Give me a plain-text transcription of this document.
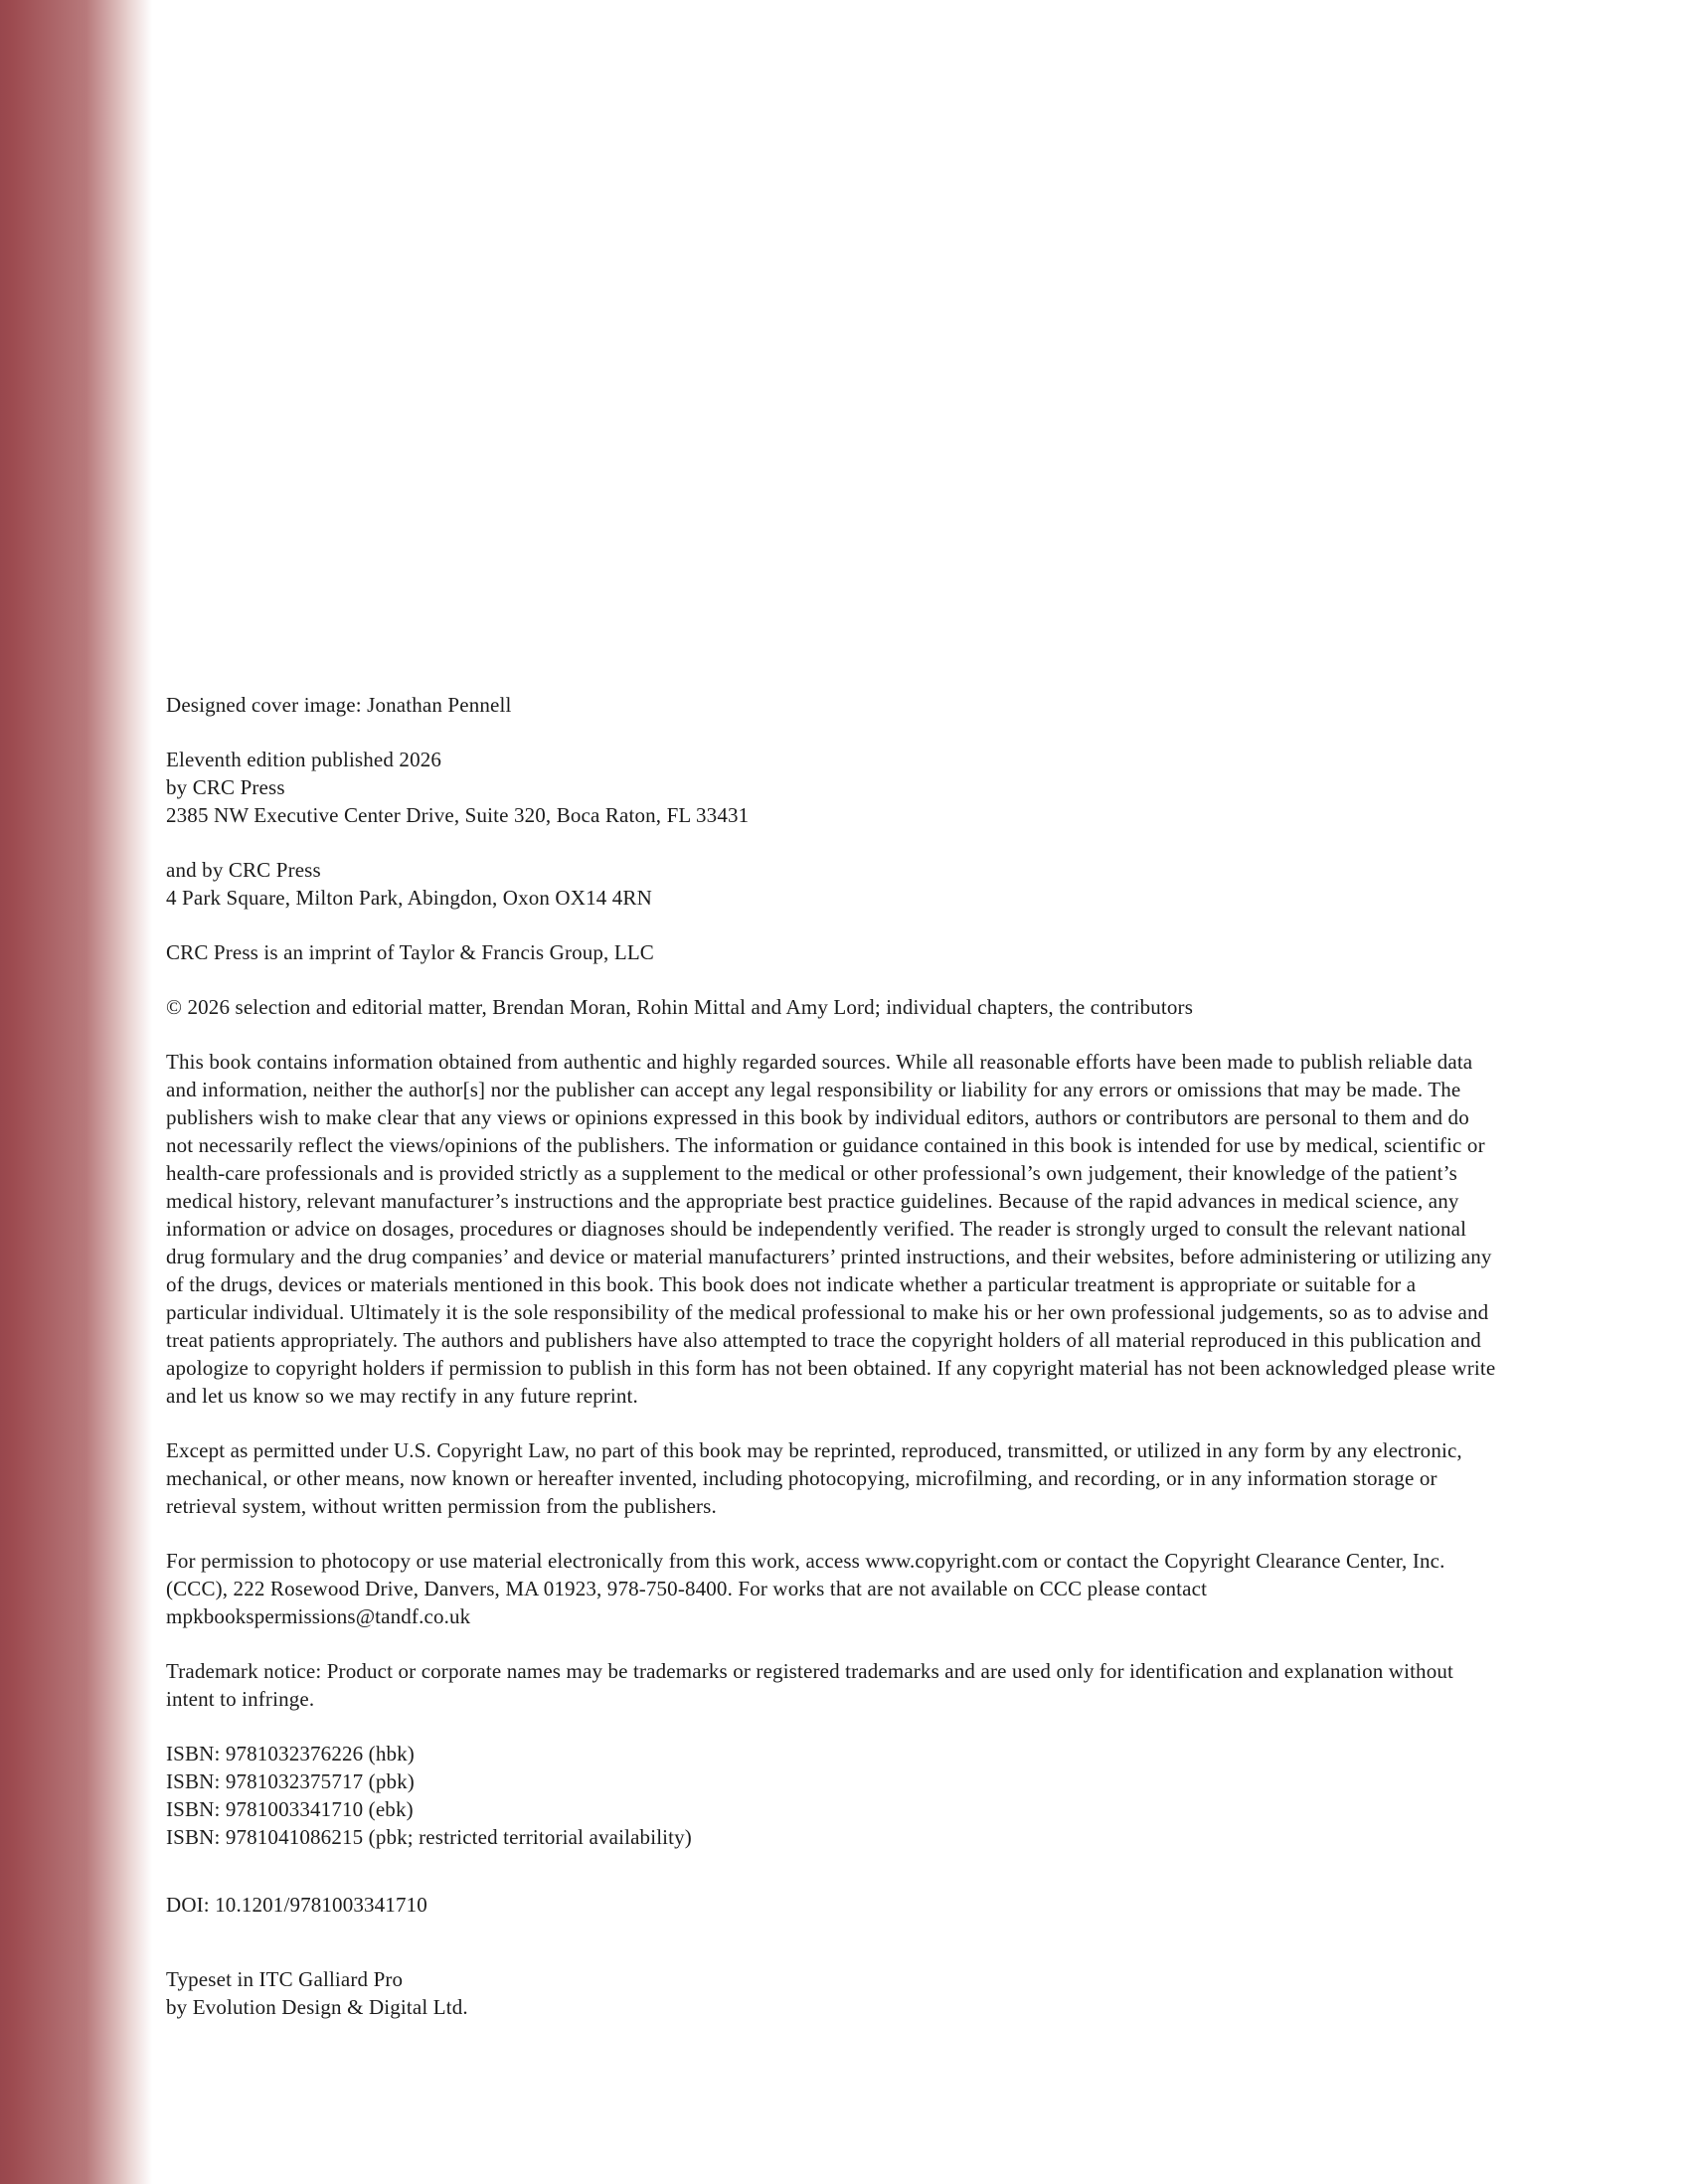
Designed cover image: Jonathan Pennell

Eleventh edition published 2026
by CRC Press
2385 NW Executive Center Drive, Suite 320, Boca Raton, FL 33431
and by CRC Press
4 Park Square, Milton Park, Abingdon, Oxon OX14 4RN

CRC Press is an imprint of Taylor & Francis Group, LLC

© 2026 selection and editorial matter, Brendan Moran, Rohin Mittal and Amy Lord; individual chapters, the contributors

This book contains information obtained from authentic and highly regarded sources. While all reasonable efforts have been made to publish reliable data and information, neither the author[s] nor the publisher can accept any legal responsibility or liability for any errors or omissions that may be made. The publishers wish to make clear that any views or opinions expressed in this book by individual editors, authors or contributors are personal to them and do not necessarily reflect the views/opinions of the publishers. The information or guidance contained in this book is intended for use by medical, scientific or health-care professionals and is provided strictly as a supplement to the medical or other professional’s own judgement, their knowledge of the patient’s medical history, relevant manufacturer’s instructions and the appropriate best practice guidelines. Because of the rapid advances in medical science, any information or advice on dosages, procedures or diagnoses should be independently verified. The reader is strongly urged to consult the relevant national drug formulary and the drug companies’ and device or material manufacturers’ printed instructions, and their websites, before administering or utilizing any of the drugs, devices or materials mentioned in this book. This book does not indicate whether a particular treatment is appropriate or suitable for a particular individual. Ultimately it is the sole responsibility of the medical professional to make his or her own professional judgements, so as to advise and treat patients appropriately. The authors and publishers have also attempted to trace the copyright holders of all material reproduced in this publication and apologize to copyright holders if permission to publish in this form has not been obtained. If any copyright material has not been acknowledged please write and let us know so we may rectify in any future reprint.

Except as permitted under U.S. Copyright Law, no part of this book may be reprinted, reproduced, transmitted, or utilized in any form by any electronic, mechanical, or other means, now known or hereafter invented, including photocopying, microfilming, and recording, or in any information storage or retrieval system, without written permission from the publishers.

For permission to photocopy or use material electronically from this work, access www.copyright.com or contact the Copyright Clearance Center, Inc. (CCC), 222 Rosewood Drive, Danvers, MA 01923, 978-750-8400. For works that are not available on CCC please contact mpkbookspermissions@tandf.co.uk

Trademark notice: Product or corporate names may be trademarks or registered trademarks and are used only for identification and explanation without intent to infringe.

ISBN: 9781032376226 (hbk)
ISBN: 9781032375717 (pbk)
ISBN: 9781003341710 (ebk)
ISBN: 9781041086215 (pbk; restricted territorial availability)

DOI: 10.1201/9781003341710

Typeset in ITC Galliard Pro
by Evolution Design & Digital Ltd.
